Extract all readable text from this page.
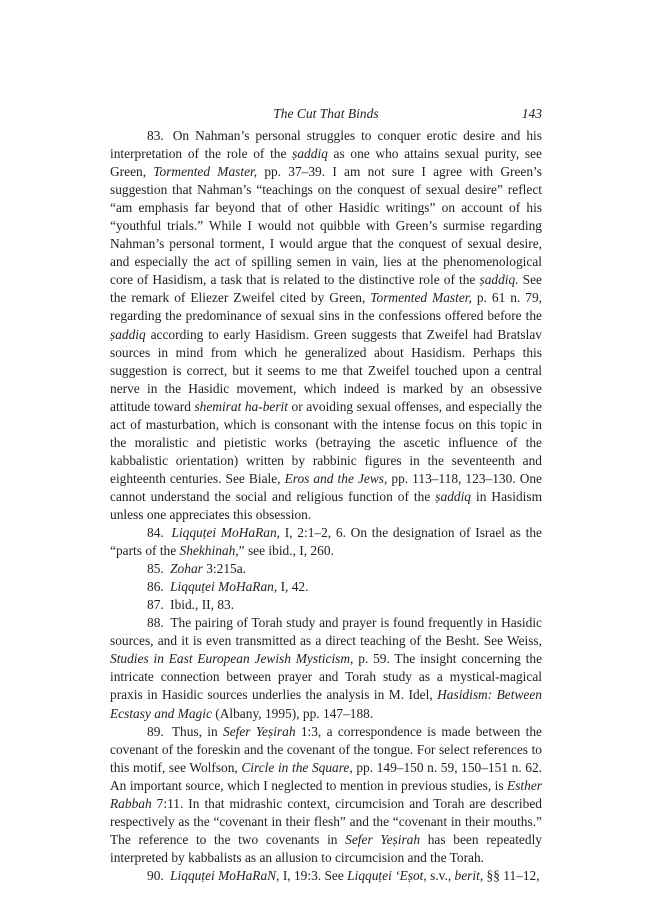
The Cut That Binds	143

83. On Nahman’s personal struggles to conquer erotic desire and his interpretation of the role of the ṣaddiq as one who attains sexual purity, see Green, Tormented Master, pp. 37–39. I am not sure I agree with Green’s suggestion that Nahman’s “teachings on the conquest of sexual desire” reflect “am emphasis far beyond that of other Hasidic writings” on account of his “youthful trials.” While I would not quibble with Green’s surmise regarding Nahman’s personal torment, I would argue that the conquest of sexual desire, and especially the act of spilling semen in vain, lies at the phenomenological core of Hasidism, a task that is related to the distinctive role of the ṣaddiq. See the remark of Eliezer Zweifel cited by Green, Tormented Master, p. 61 n. 79, regarding the predominance of sexual sins in the confessions offered before the ṣaddiq according to early Hasidism. Green suggests that Zweifel had Bratslav sources in mind from which he generalized about Hasidism. Perhaps this suggestion is correct, but it seems to me that Zweifel touched upon a central nerve in the Hasidic movement, which indeed is marked by an obsessive attitude toward shemirat ha-berit or avoiding sexual offenses, and especially the act of masturbation, which is consonant with the intense focus on this topic in the moralistic and pietistic works (betraying the ascetic influence of the kabbalistic orientation) written by rabbinic figures in the seventeenth and eighteenth centuries. See Biale, Eros and the Jews, pp. 113–118, 123–130. One cannot understand the social and religious function of the ṣaddiq in Hasidism unless one appreciates this obsession.

84. Liqquṭei MoHaRan, I, 2:1–2, 6. On the designation of Israel as the “parts of the Shekhinah,” see ibid., I, 260.

85. Zohar 3:215a.

86. Liqquṭei MoHaRan, I, 42.

87. Ibid., II, 83.

88. The pairing of Torah study and prayer is found frequently in Hasidic sources, and it is even transmitted as a direct teaching of the Besht. See Weiss, Studies in East European Jewish Mysticism, p. 59. The insight concerning the intricate connection between prayer and Torah study as a mystical-magical praxis in Hasidic sources underlies the analysis in M. Idel, Hasidism: Between Ecstasy and Magic (Albany, 1995), pp. 147–188.

89. Thus, in Sefer Yeṣirah 1:3, a correspondence is made between the covenant of the foreskin and the covenant of the tongue. For select references to this motif, see Wolfson, Circle in the Square, pp. 149–150 n. 59, 150–151 n. 62. An important source, which I neglected to mention in previous studies, is Esther Rabbah 7:11. In that midrashic context, circumcision and Torah are described respectively as the “covenant in their flesh” and the “covenant in their mouths.” The reference to the two covenants in Sefer Yeṣirah has been repeatedly interpreted by kabbalists as an allusion to circumcision and the Torah.

90. Liqquṭei MoHaRaN, I, 19:3. See Liqquṭei ‘Eṣot, s.v., berit, §§ 11–12,
